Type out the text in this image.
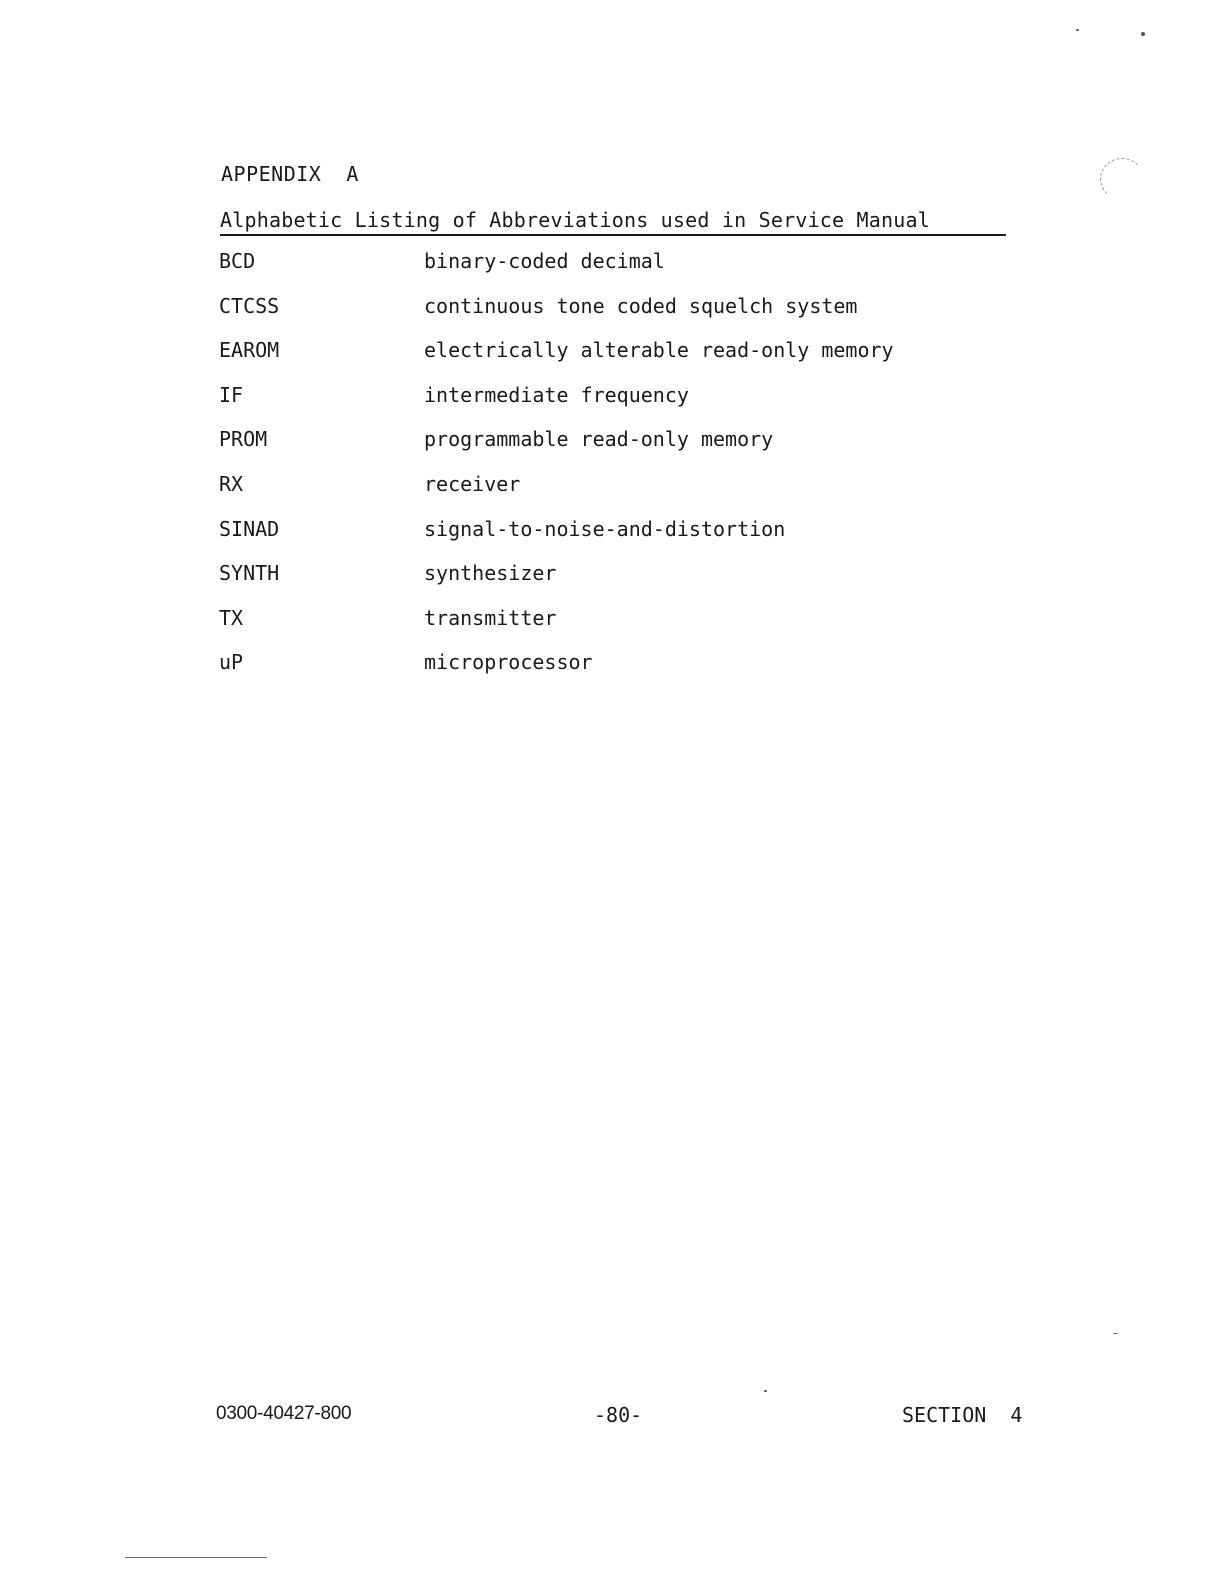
APPENDIX  A
Alphabetic Listing of Abbreviations used in Service Manual
BCD	binary-coded decimal
CTCSS	continuous tone coded squelch system
EAROM	electrically alterable read-only memory
IF	intermediate frequency
PROM	programmable read-only memory
RX	receiver
SINAD	signal-to-noise-and-distortion
SYNTH	synthesizer
TX	transmitter
uP	microprocessor
0300-40427-800	-80-	SECTION  4
